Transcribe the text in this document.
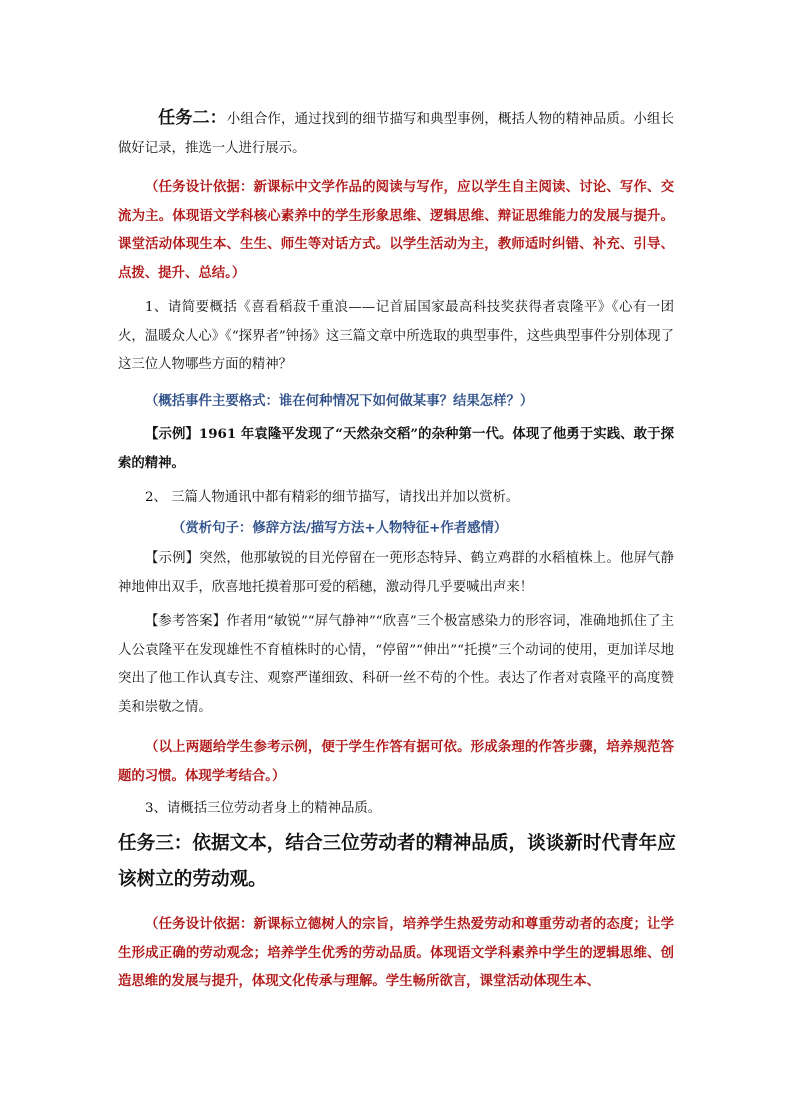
任务二：小组合作，通过找到的细节描写和典型事例，概括人物的精神品质。小组长做好记录，推选一人进行展示。
（任务设计依据：新课标中文学作品的阅读与写作，应以学生自主阅读、讨论、写作、交流为主。体现语文学科核心素养中的学生形象思维、逻辑思维、辩证思维能力的发展与提升。课堂活动体现生本、生生、师生等对话方式。以学生活动为主，教师适时纠错、补充、引导、点拨、提升、总结。）
1、请简要概括《喜看稻菽千重浪——记首届国家最高科技奖获得者袁隆平》《心有一团火，温暖众人心》《“探界者”钟扬》这三篇文章中所选取的典型事件，这些典型事件分别体现了这三位人物哪些方面的精神？
（概括事件主要格式：谁在何种情况下如何做某事？结果怎样？）
【示例】1961 年袁隆平发现了“天然杂交稻”的杂种第一代。体现了他勇于实践、敢于探索的精神。
2、 三篇人物通讯中都有精彩的细节描写，请找出并加以赏析。
（赏析句子：修辞方法/描写方法+人物特征+作者感情）
【示例】突然，他那敏锐的目光停留在一蔸形态特异、鹤立鸡群的水稻植株上。他屏气静神地伸出双手，欣喜地托摸着那可爱的稻穗，激动得几乎要喊出声来！
【参考答案】作者用“敏锐”“屏气静神”“欣喜”三个极富感染力的形容词，准确地抓住了主人公袁隆平在发现雄性不育植株时的心情，“停留”“伸出”“托摸”三个动词的使用，更加详尽地突出了他工作认真专注、观察严谨细致、科研一丝不苟的个性。表达了作者对袁隆平的高度赞美和崇敬之情。
（以上两题给学生参考示例，便于学生作答有据可依。形成条理的作答步骤，培养规范答题的习惯。体现学考结合。）
3、请概括三位劳动者身上的精神品质。
任务三：依据文本，结合三位劳动者的精神品质，谈谈新时代青年应该树立的劳动观。
（任务设计依据：新课标立德树人的宗旨，培养学生热爱劳动和尊重劳动者的态度；让学生形成正确的劳动观念；培养学生优秀的劳动品质。体现语文学科素养中学生的逻辑思维、创造思维的发展与提升，体现文化传承与理解。学生畅所欲言，课堂活动体现生本、
